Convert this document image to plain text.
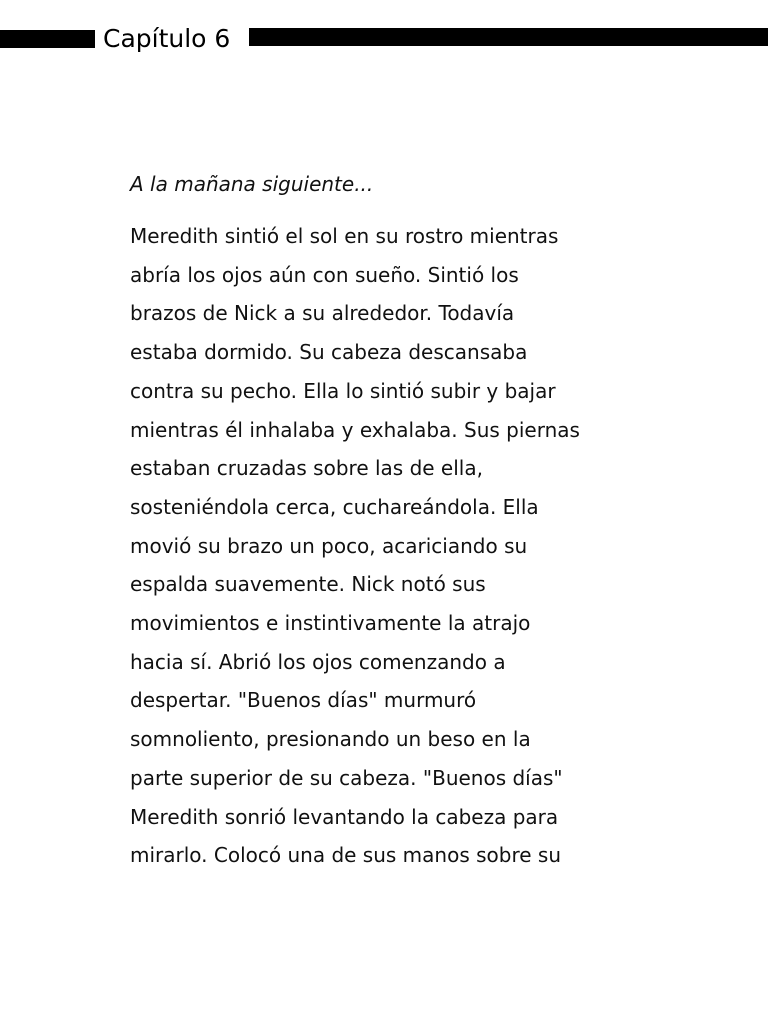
Capítulo 6

A la mañana siguiente...

Meredith sintió el sol en su rostro mientras
abría los ojos aún con sueño. Sintió los
brazos de Nick a su alrededor. Todavía
estaba dormido. Su cabeza descansaba
contra su pecho. Ella lo sintió subir y bajar
mientras él inhalaba y exhalaba. Sus piernas
estaban cruzadas sobre las de ella,
sosteniéndola cerca, cuchareándola. Ella
movió su brazo un poco, acariciando su
espalda suavemente. Nick notó sus
movimientos e instintivamente la atrajo
hacia sí. Abrió los ojos comenzando a
despertar. "Buenos días" murmuró
somnoliento, presionando un beso en la
parte superior de su cabeza. "Buenos días"
Meredith sonrió levantando la cabeza para
mirarlo. Colocó una de sus manos sobre su
